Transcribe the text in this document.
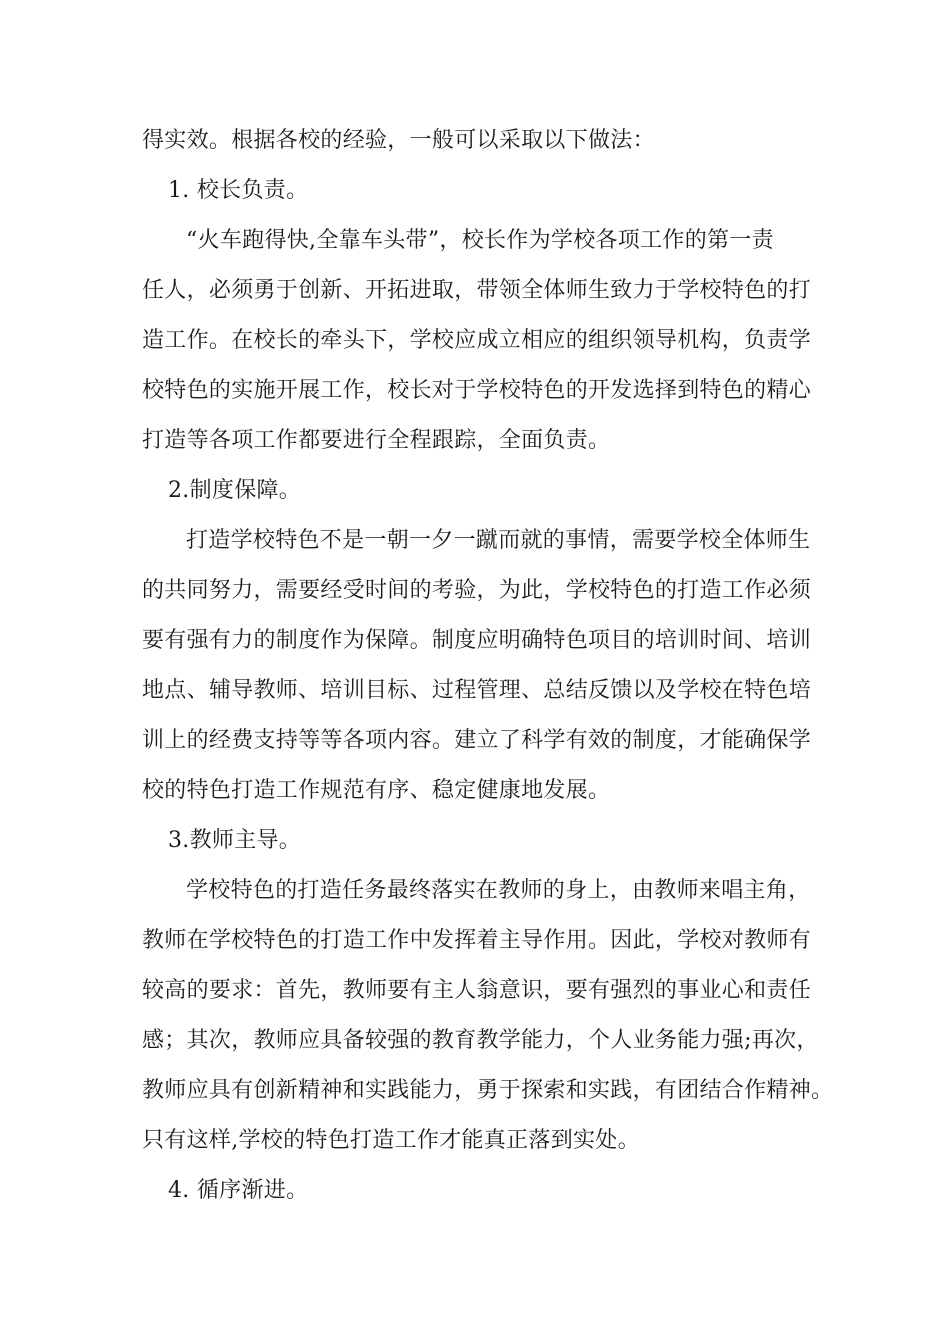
得实效。根据各校的经验，一般可以采取以下做法：
1. 校长负责。
“火车跑得快,全靠车头带”，校长作为学校各项工作的第一责
任人，必须勇于创新、开拓进取，带领全体师生致力于学校特色的打
造工作。在校长的牵头下，学校应成立相应的组织领导机构，负责学
校特色的实施开展工作，校长对于学校特色的开发选择到特色的精心
打造等各项工作都要进行全程跟踪，全面负责。
2.制度保障。
打造学校特色不是一朝一夕一蹴而就的事情，需要学校全体师生
的共同努力，需要经受时间的考验，为此，学校特色的打造工作必须
要有强有力的制度作为保障。制度应明确特色项目的培训时间、培训
地点、辅导教师、培训目标、过程管理、总结反馈以及学校在特色培
训上的经费支持等等各项内容。建立了科学有效的制度，才能确保学
校的特色打造工作规范有序、稳定健康地发展。
3.教师主导。
学校特色的打造任务最终落实在教师的身上，由教师来唱主角，
教师在学校特色的打造工作中发挥着主导作用。因此，学校对教师有
较高的要求：首先，教师要有主人翁意识，要有强烈的事业心和责任
感；其次，教师应具备较强的教育教学能力，个人业务能力强;再次，
教师应具有创新精神和实践能力，勇于探索和实践，有团结合作精神。
只有这样,学校的特色打造工作才能真正落到实处。
4. 循序渐进。
